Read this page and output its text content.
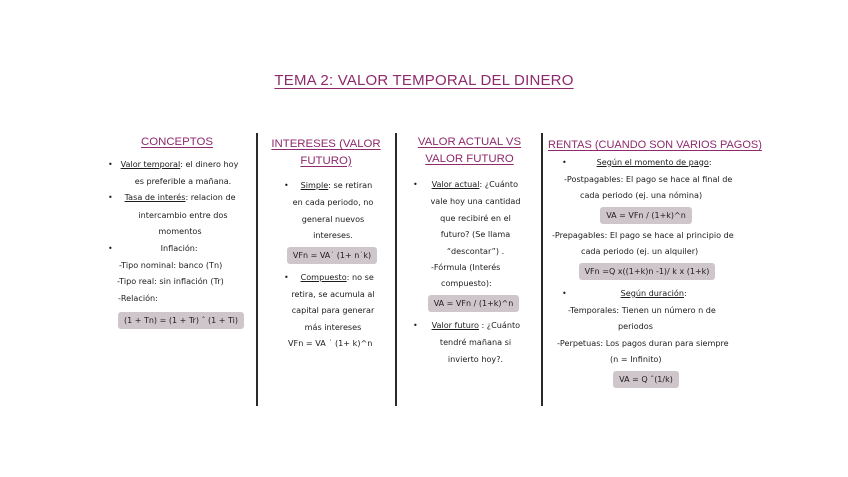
TEMA 2: VALOR TEMPORAL DEL DINERO
CONCEPTOS
• Valor temporal: el dinero hoy
es preferible a mañana.
• Tasa de interés: relacion de
intercambio entre dos
momentos
•	Inflación:
-Tipo nominal: banco (Tn)
-Tipo real: sin inflación (Tr)
-Relación:
(1 + Tn) = (1 + Tr) ˆ (1 + Ti)
INTERESES (VALOR
FUTURO)
• Simple: se retiran
en cada periodo, no
general nuevos
intereses.
VFn = VA˙ (1+ n˙k)
• Compuesto: no se
retira, se acumula al
capital para generar
más intereses
VFn = VA ˙ (1+ k)^n
VALOR ACTUAL VS
VALOR FUTURO
• Valor actual: ¿Cuánto
vale hoy una cantidad
que recibiré en el
futuro? (Se llama
“descontar”) .
-Fórmula (Interés
compuesto):
VA = VFn / (1+k)^n
• Valor futuro : ¿Cuánto
tendré mañana si
invierto hoy?.
RENTAS (CUANDO SON VARIOS PAGOS)
•	Según el momento de pago:
-Postpagables: El pago se hace al final de
cada periodo (ej. una nómina)
VA = VFn / (1+k)^n
-Prepagables: El pago se hace al principio de
cada periodo (ej. un alquiler)
VFn =Q x((1+k)n -1)/ k x (1+k)
•	Según duración:
-Temporales: Tienen un número n de
periodos
-Perpetuas: Los pagos duran para siempre
(n = Infinito)
VA = Q ˆ(1/k)
